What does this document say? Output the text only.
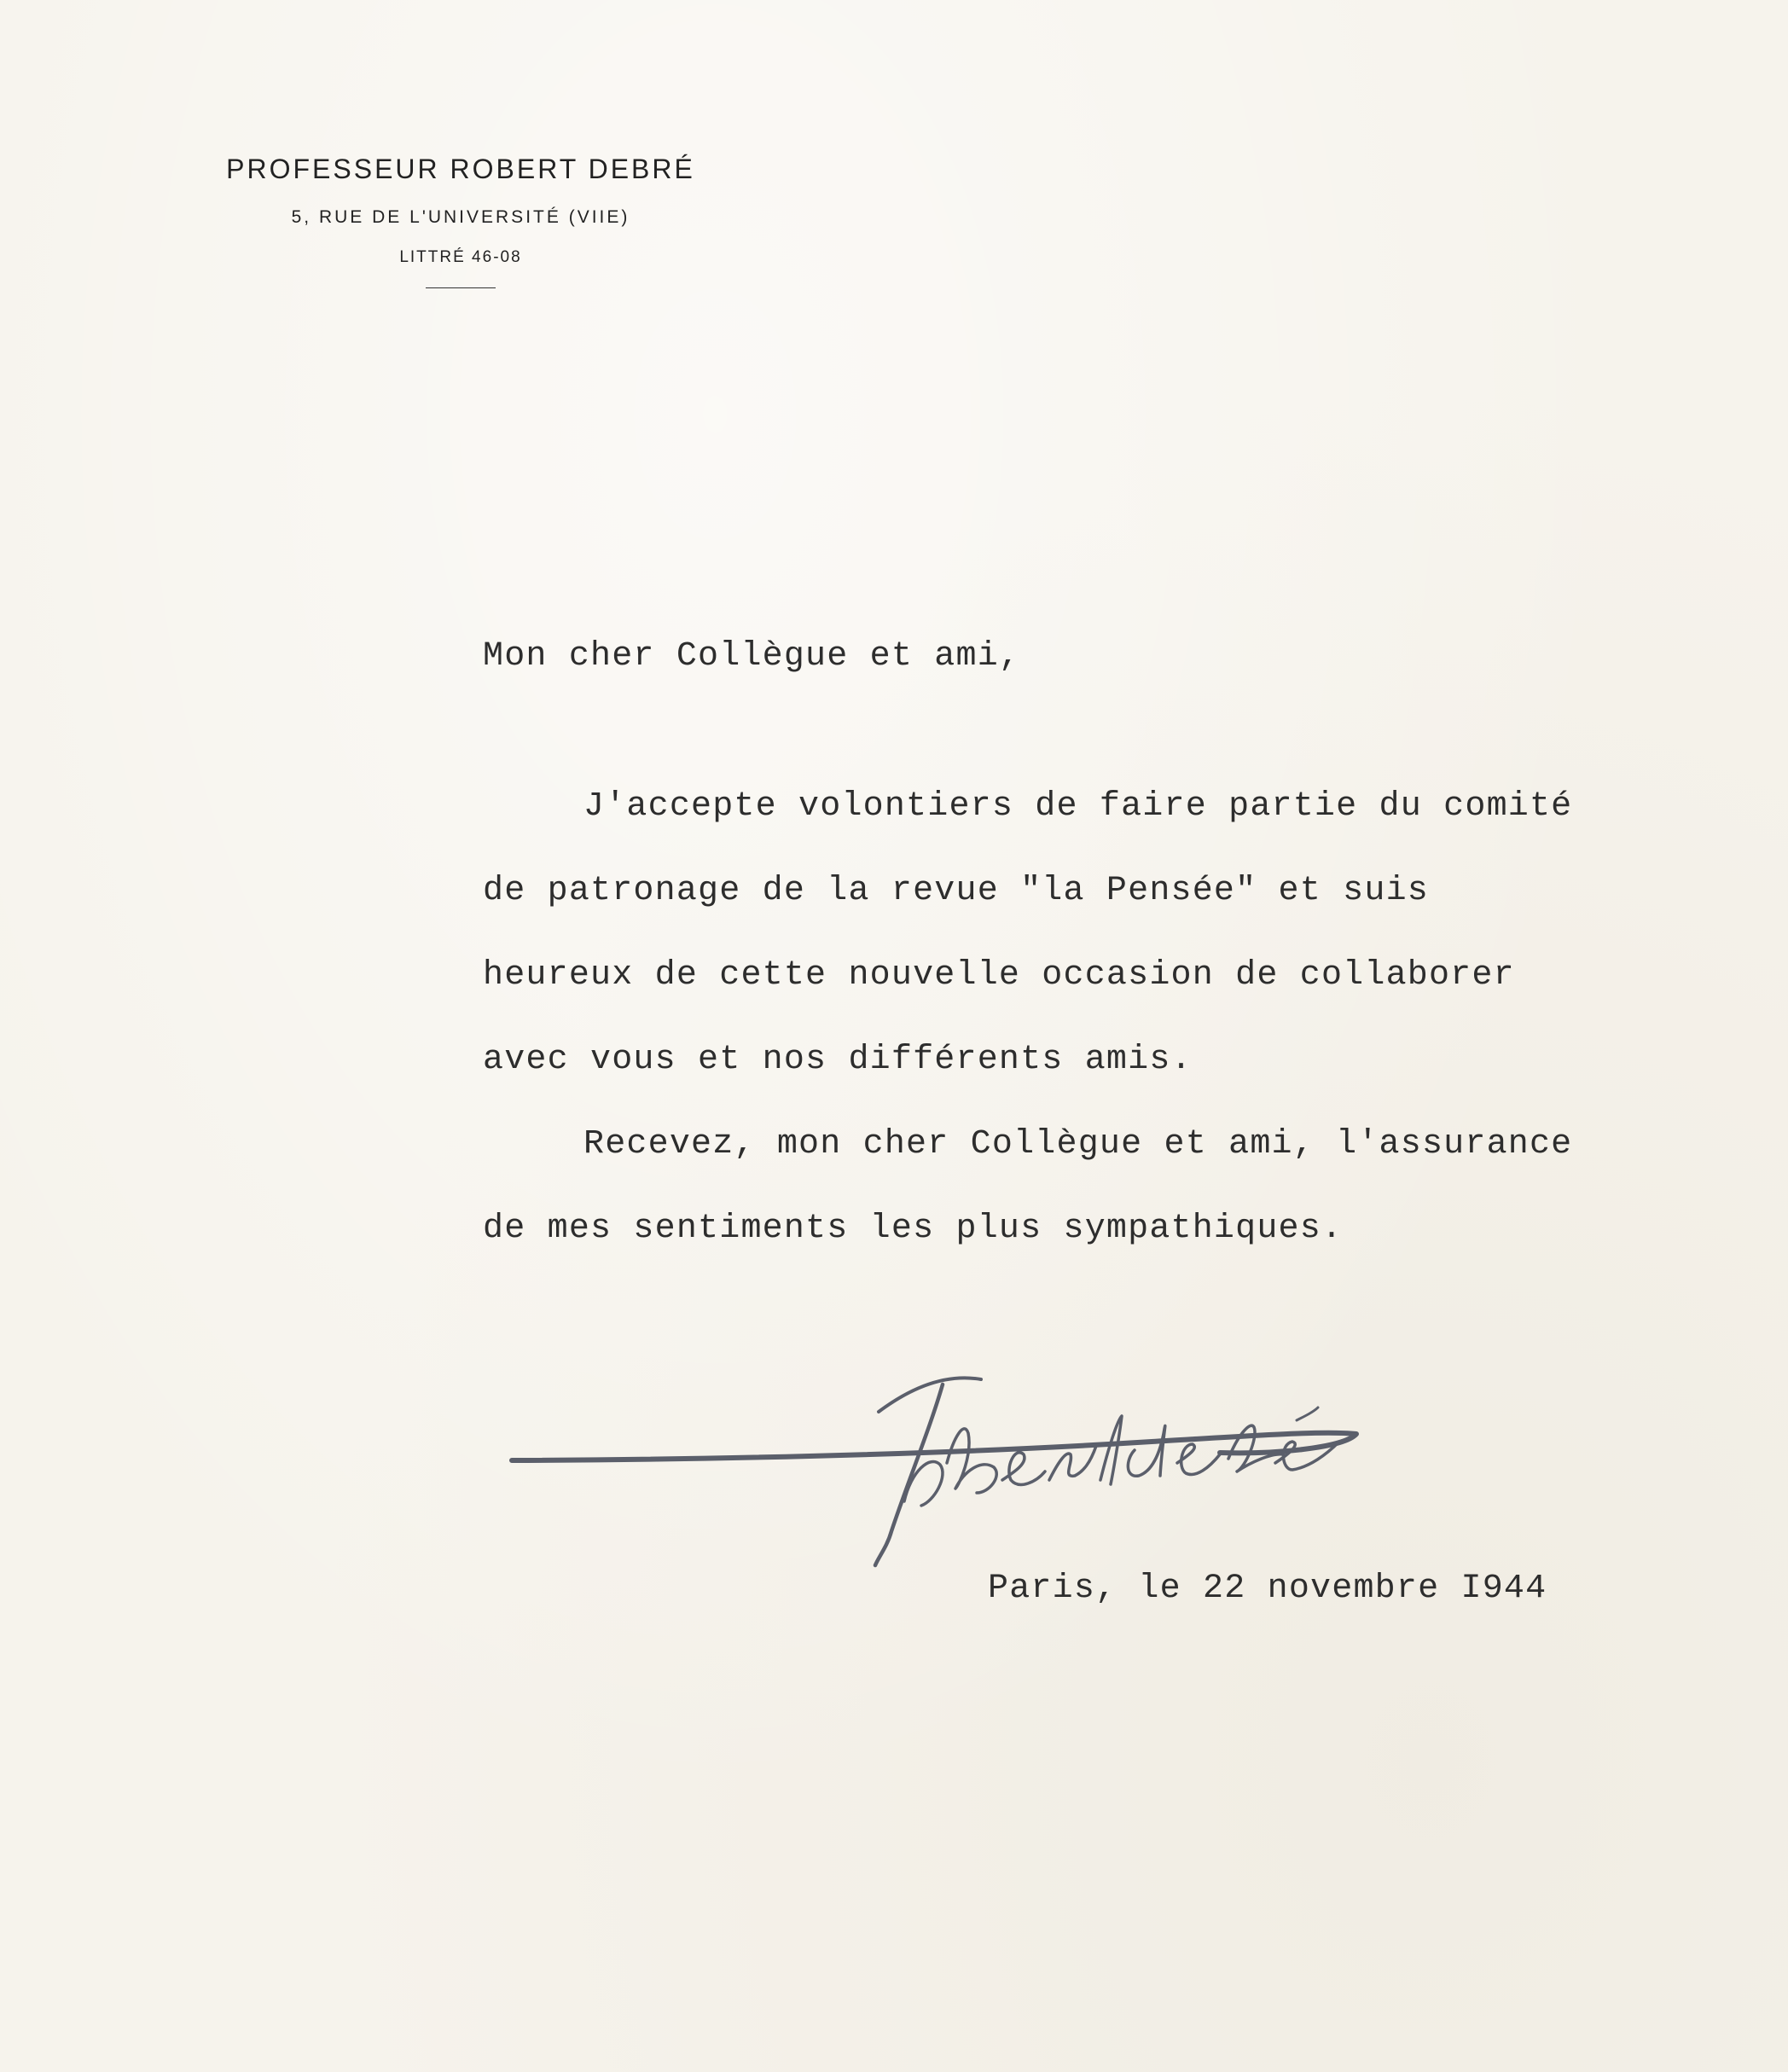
PROFESSEUR ROBERT DEBRÉ
5, RUE DE L'UNIVERSITÉ (VIIE)
LITTRÉ 46-08

Mon cher Collègue et ami,

J'accepte volontiers de faire partie du comité
de patronage de la revue "la Pensée" et suis
heureux de cette nouvelle occasion de collaborer
avec vous et nos différents amis.

Recevez, mon cher Collègue et ami, l'assurance
de mes sentiments les plus sympathiques.

Paris, le 22 novembre I944
